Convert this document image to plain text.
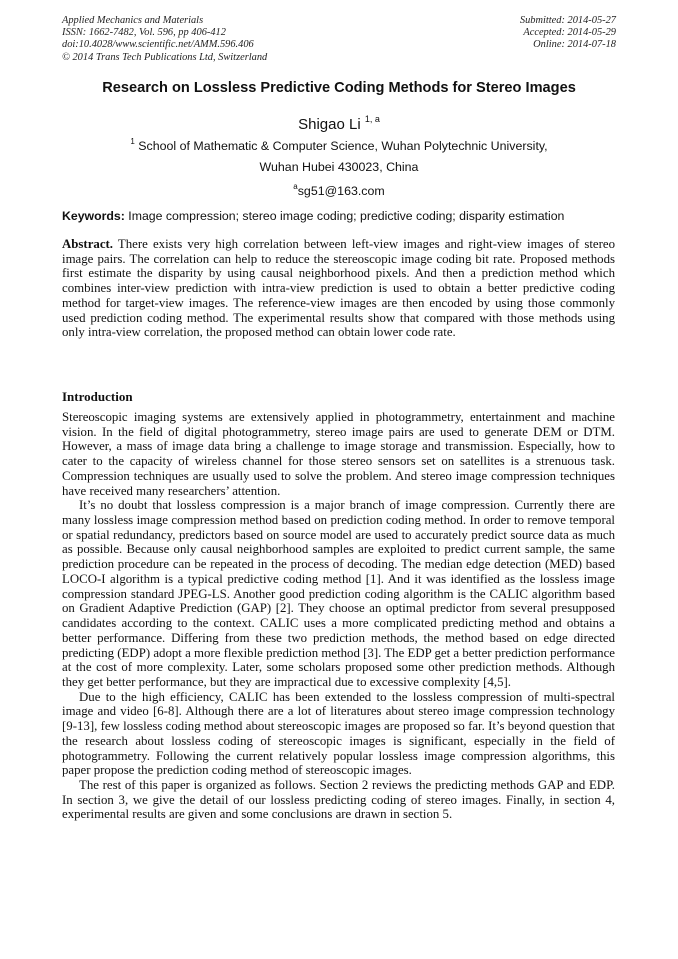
Applied Mechanics and Materials
ISSN: 1662-7482, Vol. 596, pp 406-412
doi:10.4028/www.scientific.net/AMM.596.406
© 2014 Trans Tech Publications Ltd, Switzerland
Submitted: 2014-05-27
Accepted: 2014-05-29
Online: 2014-07-18
Research on Lossless Predictive Coding Methods for Stereo Images
Shigao Li $^{1, a}$
$^1$ School of Mathematic & Computer Science, Wuhan Polytechnic University,
Wuhan Hubei 430023, China
$^a$sg51@163.com
Keywords: Image compression; stereo image coding; predictive coding; disparity estimation

Abstract. There exists very high correlation between left-view images and right-view images of stereo image pairs. The correlation can help to reduce the stereoscopic image coding bit rate. Proposed methods first estimate the disparity by using causal neighborhood pixels. And then a prediction method which combines inter-view prediction with intra-view prediction is used to obtain a better predictive coding method for target-view images. The reference-view images are then encoded by using those commonly used prediction coding method. The experimental results show that compared with those methods using only intra-view correlation, the proposed method can obtain lower code rate.

Introduction

Stereoscopic imaging systems are extensively applied in photogrammetry, entertainment and machine vision. In the field of digital photogrammetry, stereo image pairs are used to generate DEM or DTM. However, a mass of image data bring a challenge to image storage and transmission. Especially, how to cater to the capacity of wireless channel for those stereo sensors set on satellites is a strenuous task. Compression techniques are usually used to solve the problem. And stereo image compression techniques have received many researchers’ attention.

It’s no doubt that lossless compression is a major branch of image compression. Currently there are many lossless image compression method based on prediction coding method. In order to remove temporal or spatial redundancy, predictors based on source model are used to accurately predict source data as much as possible. Because only causal neighborhood samples are exploited to predict current sample, the same prediction procedure can be repeated in the process of decoding. The median edge detection (MED) based LOCO-I algorithm is a typical predictive coding method [1]. And it was identified as the lossless image compression standard JPEG-LS. Another good prediction coding algorithm is the CALIC algorithm based on Gradient Adaptive Prediction (GAP) [2]. They choose an optimal predictor from several presupposed candidates according to the context. CALIC uses a more complicated predicting method and obtains a better performance. Differing from these two prediction methods, the method based on edge directed predicting (EDP) adopt a more flexible prediction method [3]. The EDP get a better prediction performance at the cost of more complexity. Later, some scholars proposed some other prediction methods. Although they get better performance, but they are impractical due to excessive complexity [4,5].

Due to the high efficiency, CALIC has been extended to the lossless compression of multi-spectral image and video [6-8]. Although there are a lot of literatures about stereo image compression technology [9-13], few lossless coding method about stereoscopic images are proposed so far. It’s beyond question that the research about lossless coding of stereoscopic images is significant, especially in the field of photogrammetry. Following the current relatively popular lossless image compression algorithms, this paper propose the prediction coding method of stereoscopic images.

The rest of this paper is organized as follows. Section 2 reviews the predicting methods GAP and EDP. In section 3, we give the detail of our lossless predicting coding of stereo images. Finally, in section 4, experimental results are given and some conclusions are drawn in section 5.
